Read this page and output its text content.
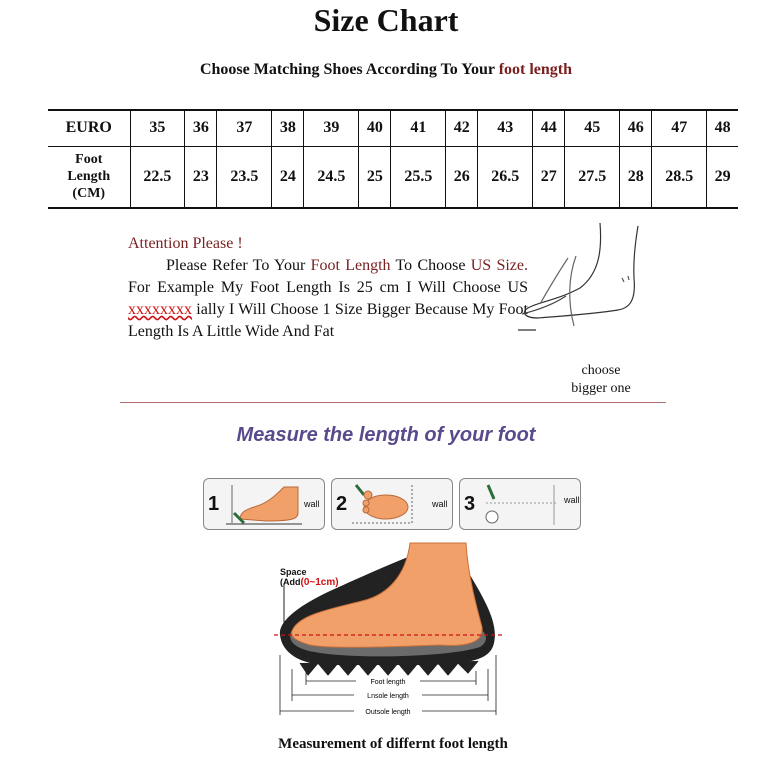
Size Chart
Choose Matching Shoes According To Your foot length
EURO	35	36	37	38	39	40	41	42	43	44	45	46	47	48
Foot
Length
(CM)	22.5	23	23.5	24	24.5	25	25.5	26	26.5	27	27.5	28	28.5	29
Attention Please !

Please Refer To Your Foot Length To Choose US Size. For Example My Foot Length Is 25 cm I Will Choose US xxxxxxxx ially I Will Choose 1 Size Bigger Because My Foot Length Is A Little Wide And Fat

choose
bigger one
Measure the length of your foot
1	wall 2	wall 3	wall
Space
(Add(0~1cm)
Foot length
Lnsole length
Outsole length
Measurement of differnt foot length
